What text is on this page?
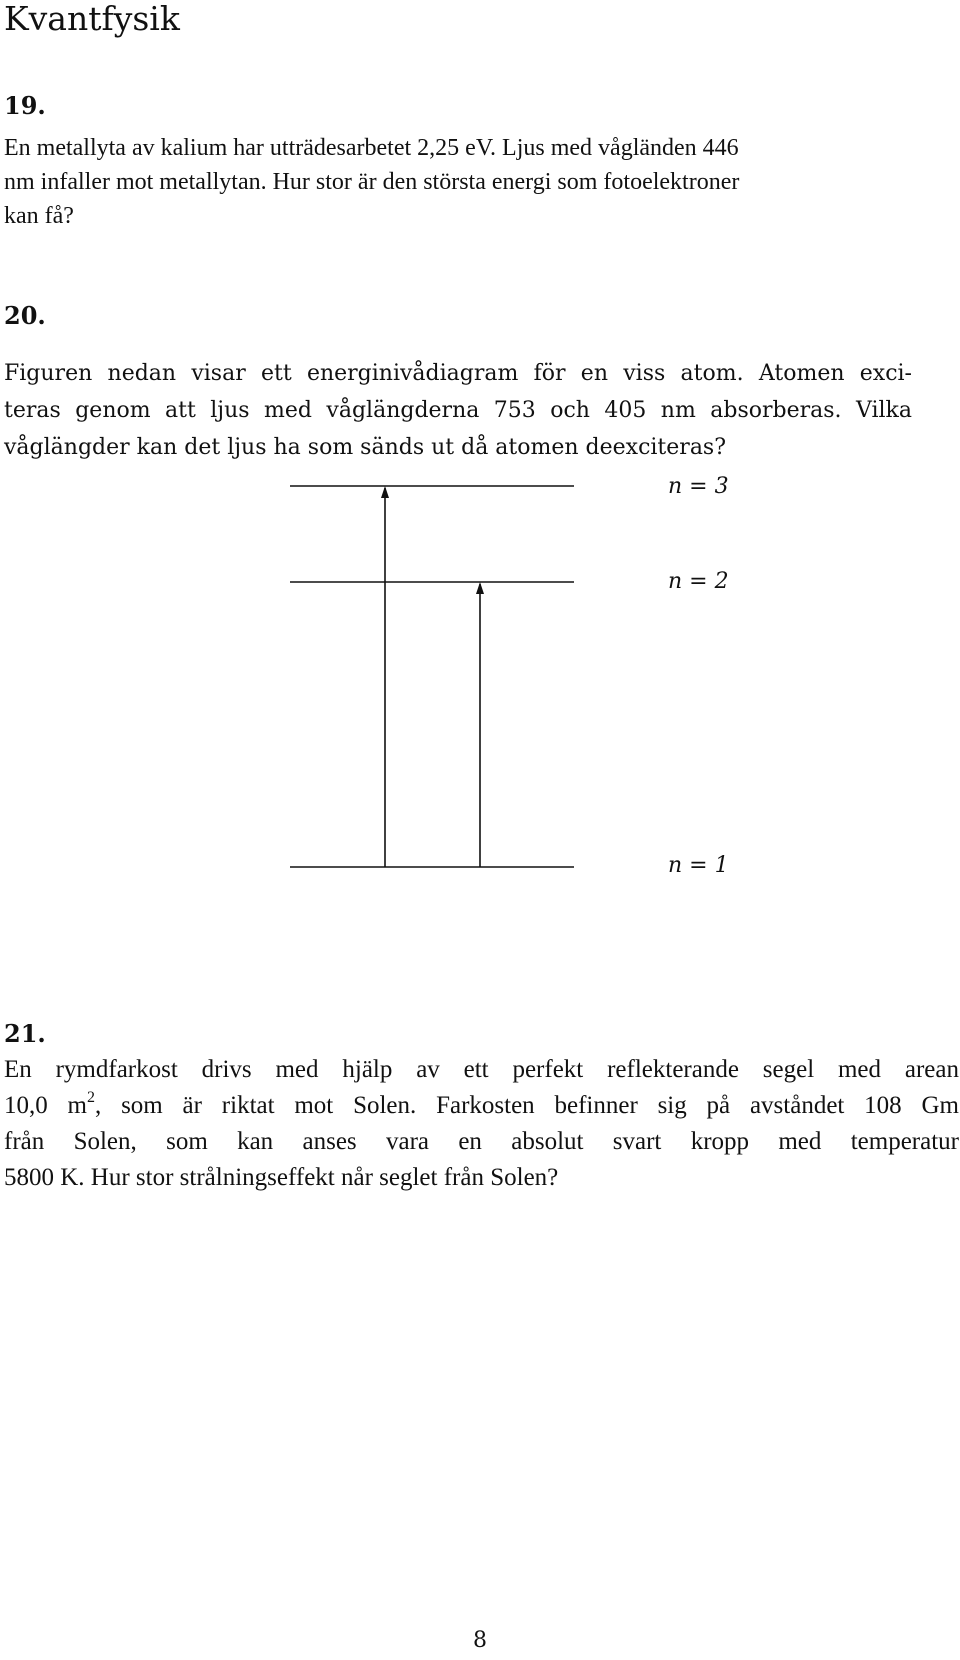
Kvantfysik
19.

En metallyta av kalium har utträdesarbetet 2,25 eV. Ljus med vågländen 446
nm infaller mot metallytan. Hur stor är den största energi som fotoelektroner
kan få?

20.

Figuren nedan visar ett energinivådiagram för en viss atom. Atomen exci-
teras genom att ljus med våglängderna 753 och 405 nm absorberas. Vilka
våglängder kan det ljus ha som sänds ut då atomen deexciteras?

n = 3
n = 2
n = 1
21.

En rymdfarkost drivs med hjälp av ett perfekt reflekterande segel med arean
10,0 $m^2$, som är riktat mot Solen. Farkosten befinner sig på avståndet 108 Gm
från Solen, som kan anses vara en absolut svart kropp med temperatur
5800 K. Hur stor strålningseffekt når seglet från Solen?

8
